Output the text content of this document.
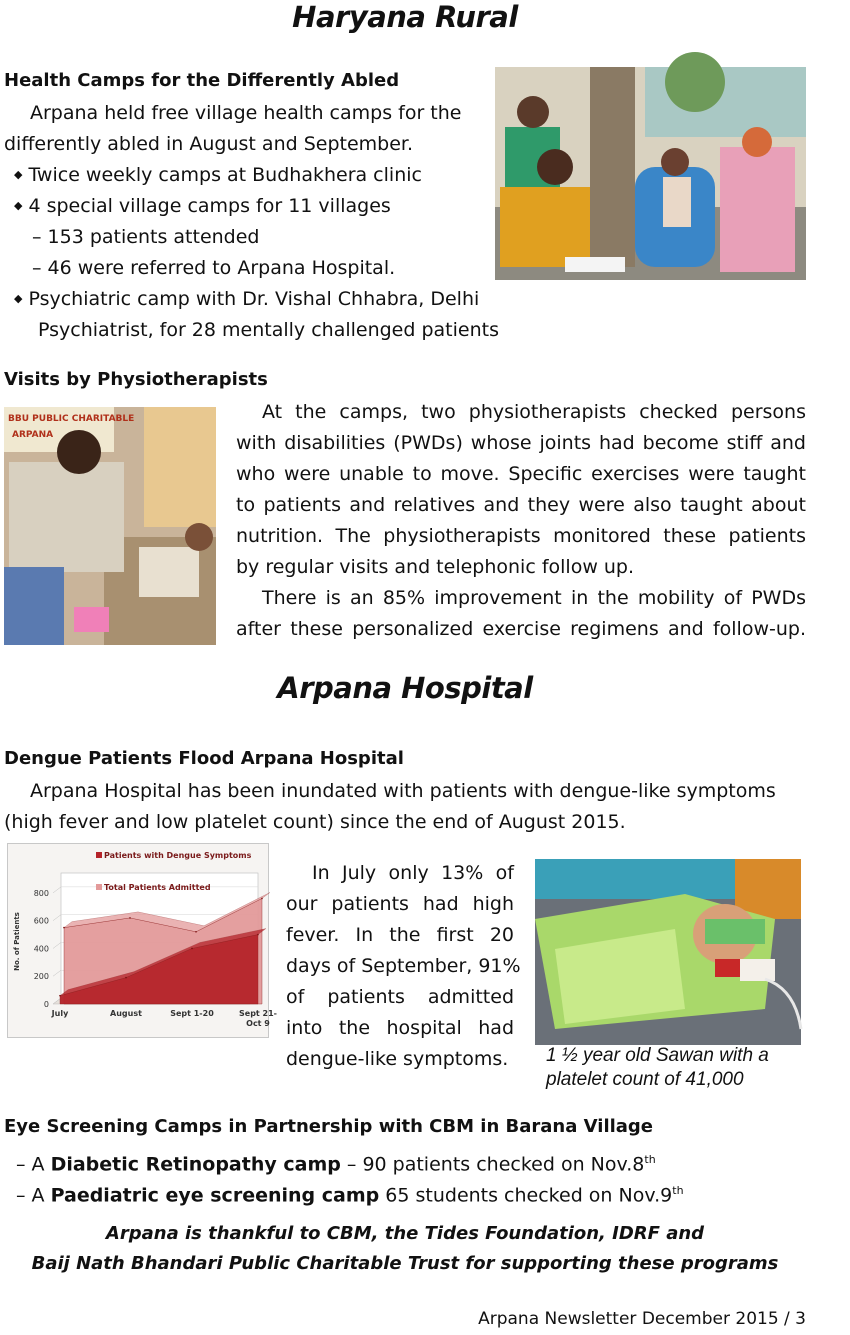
Haryana Rural
Health Camps for the Differently Abled
Arpana held free village health camps for the
differently abled in August and September.
◆ Twice weekly camps at Budhakhera clinic
◆ 4 special village camps for 11 villages
– 153 patients attended
– 46 were referred to Arpana Hospital.
◆ Psychiatric camp with Dr. Vishal Chhabra, Delhi
Psychiatrist, for 28 mentally challenged patients
Visits by Physiotherapists
BBU PUBLIC CHARITABLE
ARPANA
At the camps, two physiotherapists checked persons
with disabilities (PWDs) whose joints had become stiff and
who were unable to move. Specific exercises were taught
to patients and relatives and they were also taught about
nutrition. The physiotherapists monitored these patients
by regular visits and telephonic follow up.
There is an 85% improvement in the mobility of PWDs
after these personalized exercise regimens and follow-up.
Arpana Hospital
Dengue Patients Flood Arpana Hospital
Arpana Hospital has been inundated with patients with dengue-like symptoms
(high fever and low platelet count) since the end of August 2015.
0
200
400
600
800
July	August	Sept 1-20	Sept 21-
Oct 9
No. of Patients
Patients with Dengue Symptoms
Total Patients Admitted
In July only 13% of
our patients had high
fever. In the first 20
days of September, 91%
of patients admitted
into the hospital had
dengue-like symptoms. 1 ½ year old Sawan with a
platelet count of 41,000
Eye Screening Camps in Partnership with CBM in Barana Village
– A Diabetic Retinopathy camp – 90 patients checked on Nov.8th
– A Paediatric eye screening camp 65 students checked on Nov.9th
Arpana is thankful to CBM, the Tides Foundation, IDRF and
Baij Nath Bhandari Public Charitable Trust for supporting these programs
Arpana Newsletter December 2015 / 3
